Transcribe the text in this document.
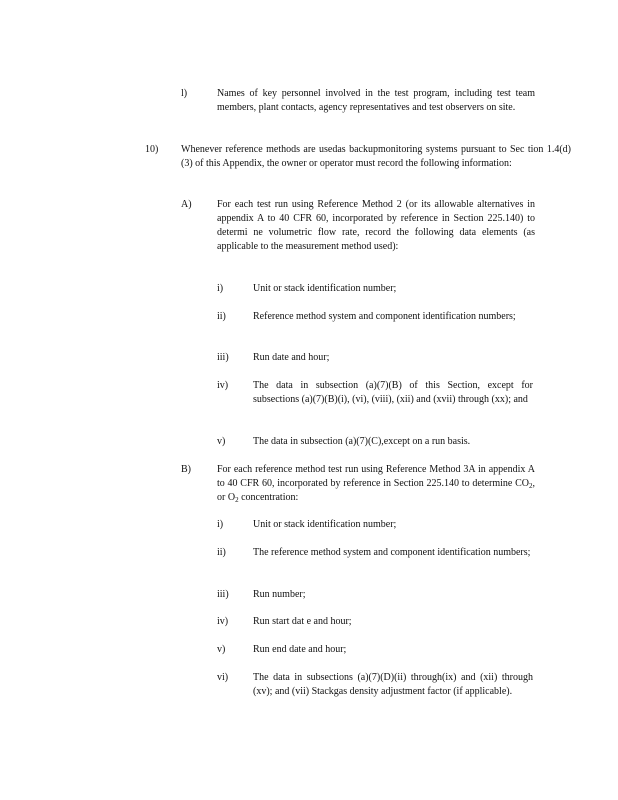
l)	Names of key personnel involved in the test program, including test team members, plant contacts, agency representatives and test observers on site.
10) Whenever reference methods are usedas backupmonitoring systems pursuant to Sec tion 1.4(d)(3) of this Appendix, the owner or operator must record the following information:
A)	For each test run using Reference Method 2 (or its allowable alternatives in appendix A to 40 CFR 60, incorporated by reference in Section 225.140) to determi ne volumetric flow rate, record the following data elements (as applicable to the measurement method used):
i)	Unit or stack identification number;
ii)	Reference method system and component identification numbers;
iii) Run date and hour;
iv) The data in subsection (a)(7)(B) of this Section, except for subsections (a)(7)(B)(i), (vi), (viii), (xii) and (xvii) through (xx); and
v)	The data in subsection (a)(7)(C),except on a run basis.
B)	For each reference method test run using Reference Method 3A in appendix A to 40 CFR 60, incorporated by reference in Section 225.140 to determine $CO_2$, or $O_2$ concentration:
i)	Unit or stack identification number;
ii)	The reference method system and component identification numbers;
iii) Run number;
iv) Run start dat e and hour;
v)	Run end date and hour;
vi) The data in subsections (a)(7)(D)(ii) through(ix) and (xii) through (xv); and (vii) Stackgas density adjustment factor (if applicable).
